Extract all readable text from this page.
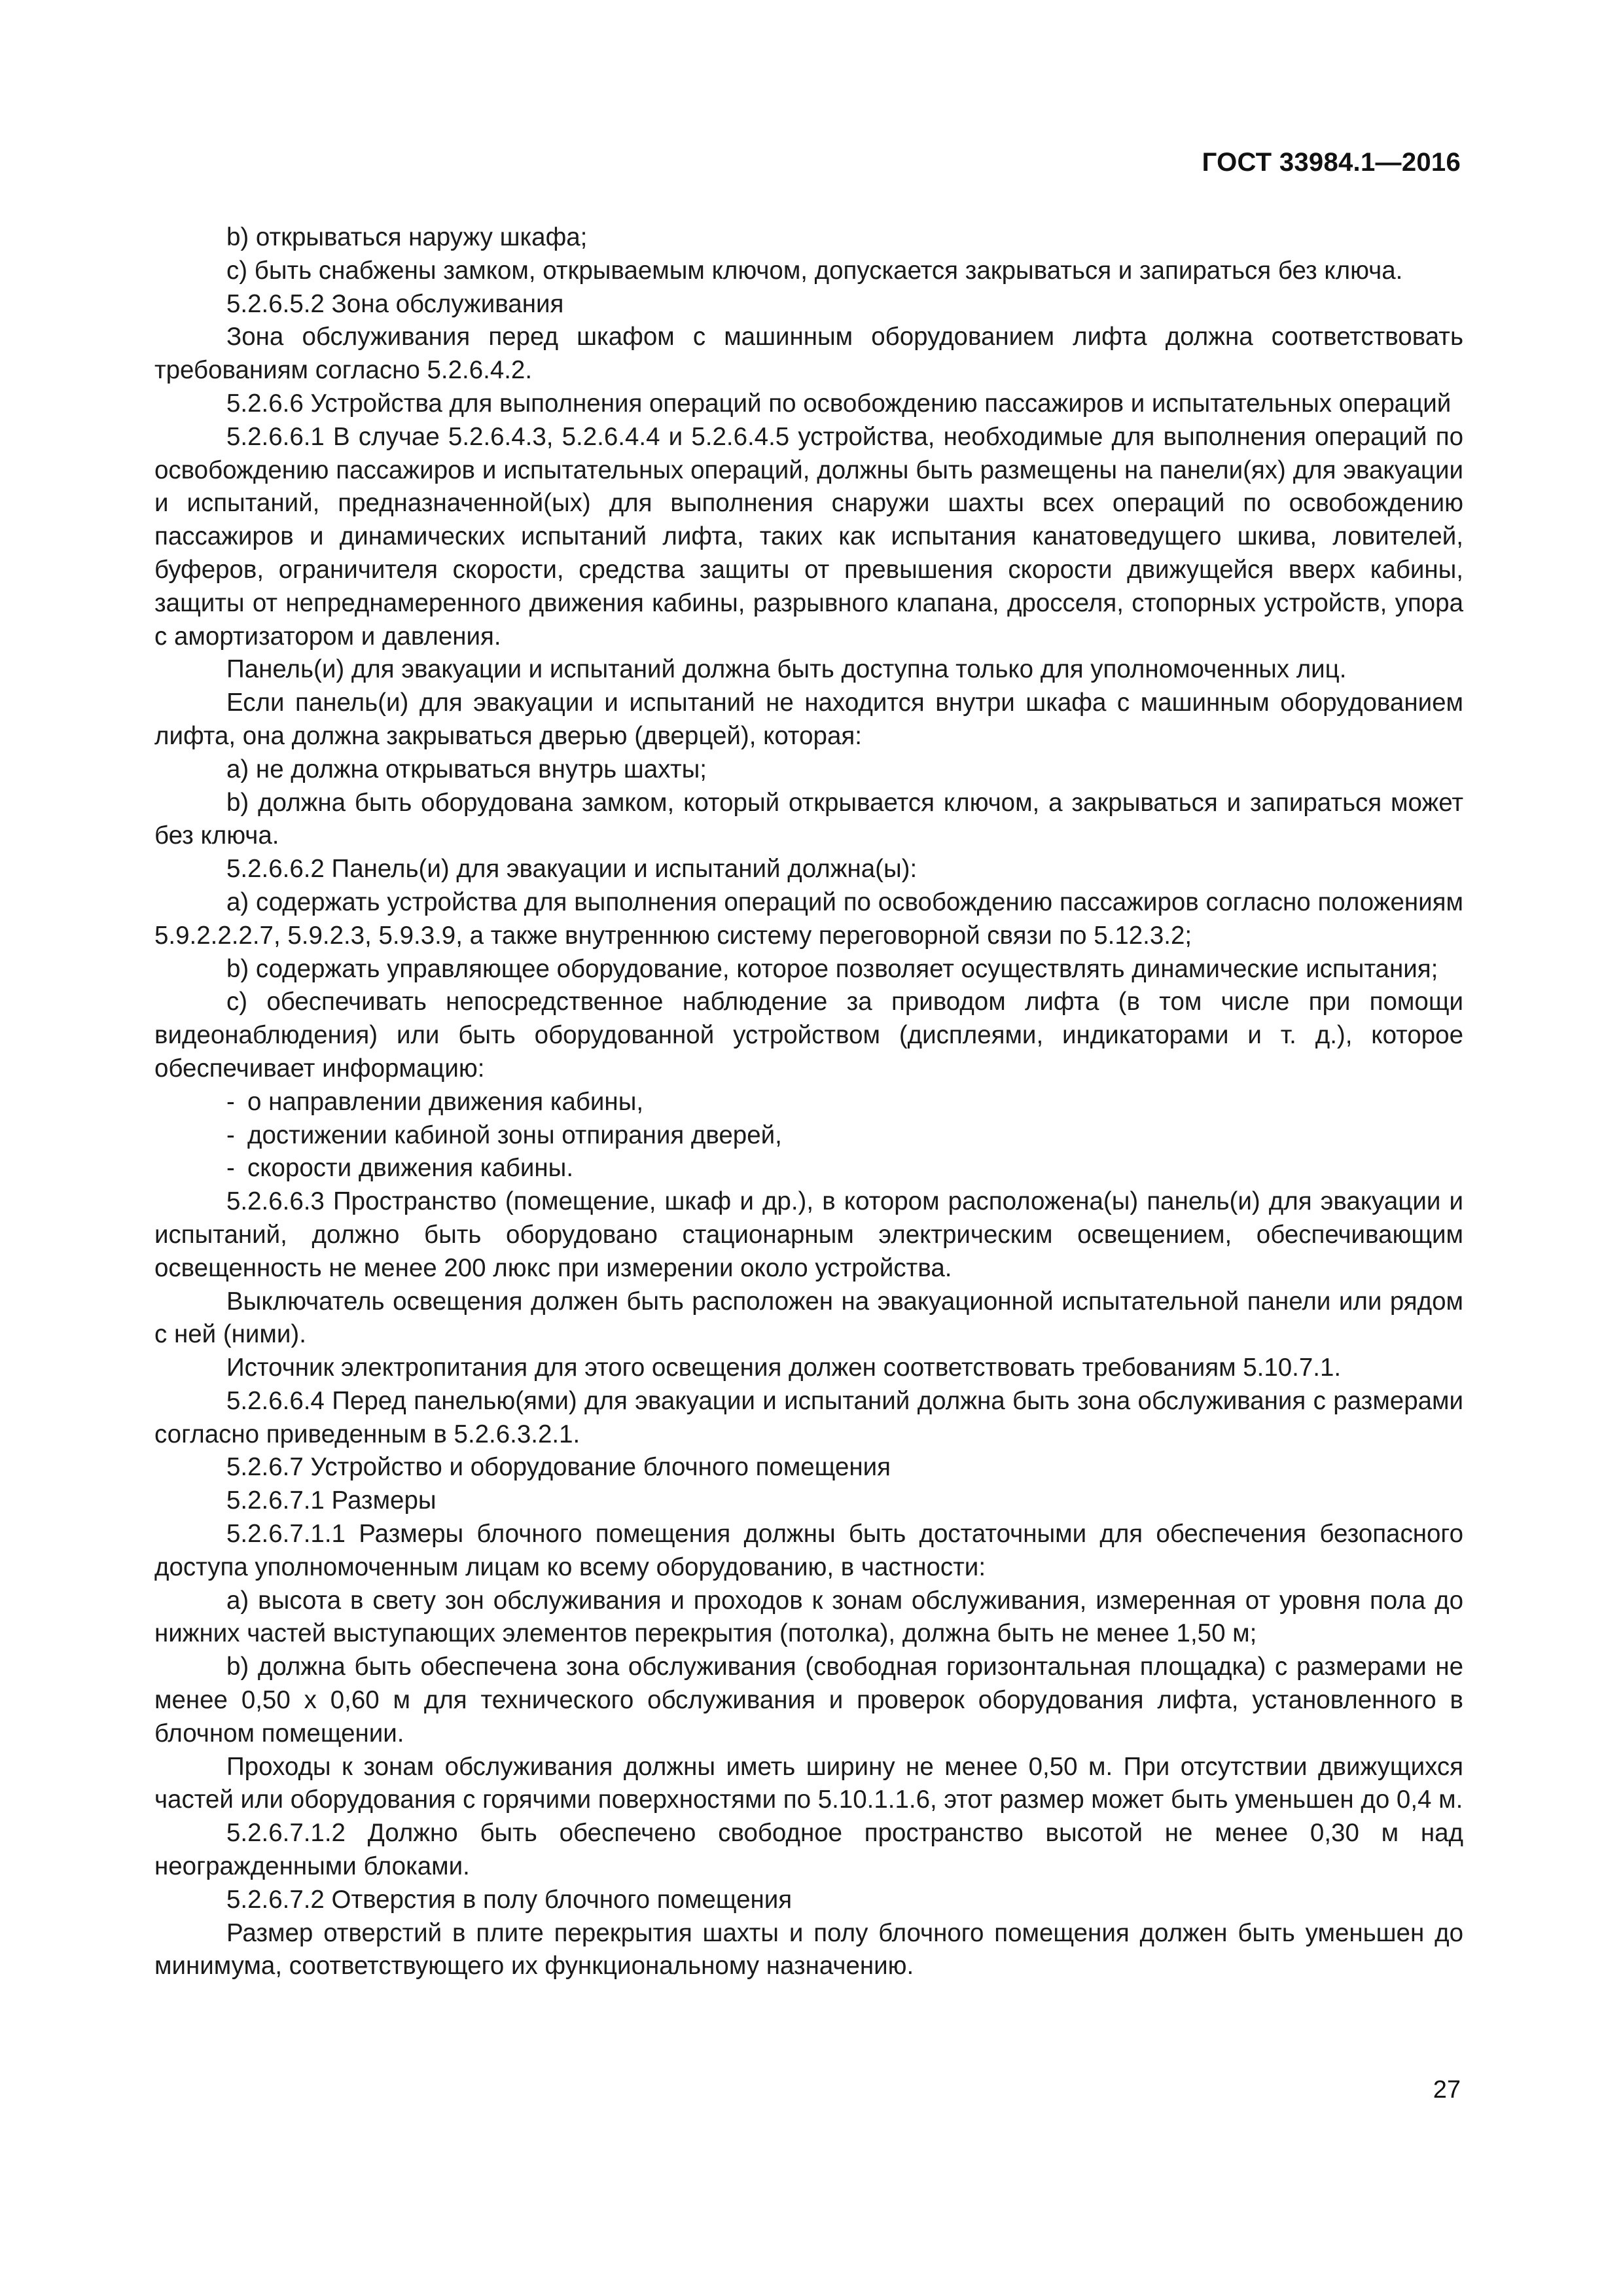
ГОСТ 33984.1—2016

b) открываться наружу шкафа;

c) быть снабжены замком, открываемым ключом, допускается закрываться и запираться без ключа.

5.2.6.5.2 Зона обслуживания

Зона обслуживания перед шкафом с машинным оборудованием лифта должна соответствовать требованиям согласно 5.2.6.4.2.

5.2.6.6 Устройства для выполнения операций по освобождению пассажиров и испытательных операций

5.2.6.6.1 В случае 5.2.6.4.3, 5.2.6.4.4 и 5.2.6.4.5 устройства, необходимые для выполнения операций по освобождению пассажиров и испытательных операций, должны быть размещены на панели(ях) для эвакуации и испытаний, предназначенной(ых) для выполнения снаружи шахты всех операций по освобождению пассажиров и динамических испытаний лифта, таких как испытания канатоведущего шкива, ловителей, буферов, ограничителя скорости, средства защиты от превышения скорости движущейся вверх кабины, защиты от непреднамеренного движения кабины, разрывного клапана, дросселя, стопорных устройств, упора с амортизатором и давления.

Панель(и) для эвакуации и испытаний должна быть доступна только для уполномоченных лиц.

Если панель(и) для эвакуации и испытаний не находится внутри шкафа с машинным оборудованием лифта, она должна закрываться дверью (дверцей), которая:

a) не должна открываться внутрь шахты;

b) должна быть оборудована замком, который открывается ключом, а закрываться и запираться может без ключа.

5.2.6.6.2 Панель(и) для эвакуации и испытаний должна(ы):

a) содержать устройства для выполнения операций по освобождению пассажиров согласно положениям 5.9.2.2.2.7, 5.9.2.3, 5.9.3.9, а также внутреннюю систему переговорной связи по 5.12.3.2;

b) содержать управляющее оборудование, которое позволяет осуществлять динамические испытания;

c) обеспечивать непосредственное наблюдение за приводом лифта (в том числе при помощи видеонаблюдения) или быть оборудованной устройством (дисплеями, индикаторами и т. д.), которое обеспечивает информацию:

- о направлении движения кабины,

- достижении кабиной зоны отпирания дверей,

- скорости движения кабины.

5.2.6.6.3 Пространство (помещение, шкаф и др.), в котором расположена(ы) панель(и) для эвакуации и испытаний, должно быть оборудовано стационарным электрическим освещением, обеспечивающим освещенность не менее 200 люкс при измерении около устройства.

Выключатель освещения должен быть расположен на эвакуационной испытательной панели или рядом с ней (ними).

Источник электропитания для этого освещения должен соответствовать требованиям 5.10.7.1.

5.2.6.6.4 Перед панелью(ями) для эвакуации и испытаний должна быть зона обслуживания с размерами согласно приведенным в 5.2.6.3.2.1.

5.2.6.7 Устройство и оборудование блочного помещения

5.2.6.7.1 Размеры

5.2.6.7.1.1 Размеры блочного помещения должны быть достаточными для обеспечения безопасного доступа уполномоченным лицам ко всему оборудованию, в частности:

a) высота в свету зон обслуживания и проходов к зонам обслуживания, измеренная от уровня пола до нижних частей выступающих элементов перекрытия (потолка), должна быть не менее 1,50 м;

b) должна быть обеспечена зона обслуживания (свободная горизонтальная площадка) с размерами не менее 0,50 х 0,60 м для технического обслуживания и проверок оборудования лифта, установленного в блочном помещении.

Проходы к зонам обслуживания должны иметь ширину не менее 0,50 м. При отсутствии движущихся частей или оборудования с горячими поверхностями по 5.10.1.1.6, этот размер может быть уменьшен до 0,4 м.

5.2.6.7.1.2 Должно быть обеспечено свободное пространство высотой не менее 0,30 м над неогражденными блоками.

5.2.6.7.2 Отверстия в полу блочного помещения

Размер отверстий в плите перекрытия шахты и полу блочного помещения должен быть уменьшен до минимума, соответствующего их функциональному назначению.

27
